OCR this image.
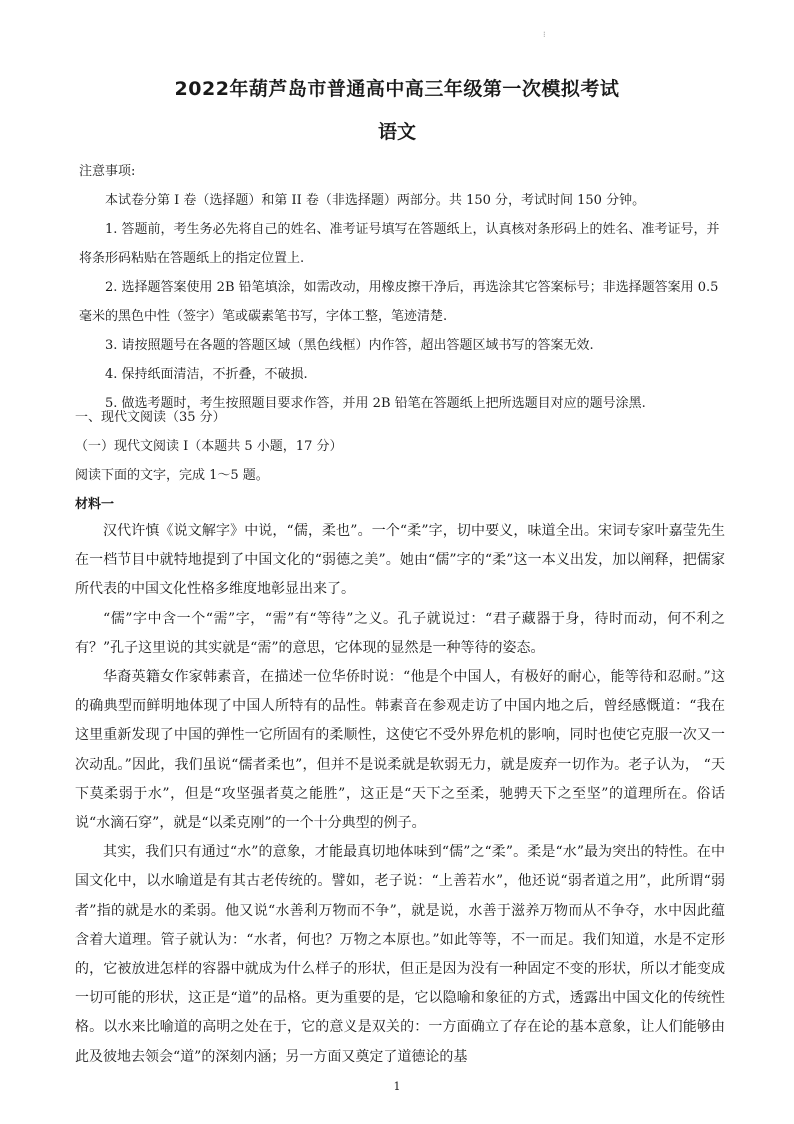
⁝
2022年葫芦岛市普通高中高三年级第一次模拟考试
语文

注意事项:

本试卷分第 I 卷（选择题）和第 II 卷（非选择题）两部分。共 150 分，考试时间 150 分钟。

1. 答题前，考生务必先将自己的姓名、准考证号填写在答题纸上，认真核对条形码上的姓名、准考证号，并将条形码粘贴在答题纸上的指定位置上.

2. 选择题答案使用 2B 铅笔填涂，如需改动，用橡皮擦干净后，再选涂其它答案标号；非选择题答案用 0.5 毫米的黑色中性（签字）笔或碳素笔书写，字体工整，笔迹清楚.

3. 请按照题号在各题的答题区域（黑色线框）内作答，超出答题区域书写的答案无效.

4. 保持纸面清洁，不折叠，不破损.

5. 做选考题时，考生按照题目要求作答，并用 2B 铅笔在答题纸上把所选题目对应的题号涂黑.

一、现代文阅读（35 分）

（一）现代文阅读 I（本题共 5 小题，17 分）

阅读下面的文字，完成 1～5 题。

材料一

汉代许慎《说文解字》中说，“儒，柔也”。一个“柔”字，切中要义，味道全出。宋词专家叶嘉莹先生在一档节目中就特地提到了中国文化的“弱德之美”。她由“儒”字的“柔”这一本义出发，加以阐释，把儒家所代表的中国文化性格多维度地彰显出来了。

“儒”字中含一个“需”字，“需”有“等待”之义。孔子就说过：“君子藏器于身，待时而动，何不利之有？”孔子这里说的其实就是“需”的意思，它体现的显然是一种等待的姿态。

华裔英籍女作家韩素音，在描述一位华侨时说：“他是个中国人，有极好的耐心，能等待和忍耐。”这的确典型而鲜明地体现了中国人所特有的品性。韩素音在参观走访了中国内地之后，曾经感慨道：“我在这里重新发现了中国的弹性一它所固有的柔顺性，这使它不受外界危机的影响，同时也使它克服一次又一次动乱。”因此，我们虽说“儒者柔也”，但并不是说柔就是软弱无力，就是废弃一切作为。老子认为， “天下莫柔弱于水”，但是“攻坚强者莫之能胜”，这正是“天下之至柔，驰骋天下之至坚”的道理所在。俗话说“水滴石穿”，就是“以柔克刚”的一个十分典型的例子。

其实，我们只有通过“水”的意象，才能最真切地体味到“儒”之“柔”。柔是“水”最为突出的特性。在中国文化中，以水喻道是有其古老传统的。譬如，老子说：“上善若水”，他还说“弱者道之用”，此所谓“弱者”指的就是水的柔弱。他又说“水善利万物而不争”，就是说，水善于滋养万物而从不争夺，水中因此蕴含着大道理。管子就认为：“水者，何也？万物之本原也。”如此等等，不一而足。我们知道，水是不定形的，它被放进怎样的容器中就成为什么样子的形状，但正是因为没有一种固定不变的形状，所以才能变成一切可能的形状，这正是“道”的品格。更为重要的是，它以隐喻和象征的方式，透露出中国文化的传统性格。以水来比喻道的高明之处在于，它的意义是双关的：一方面确立了存在论的基本意象，让人们能够由此及彼地去领会“道”的深刻内涵；另一方面又奠定了道德论的基

1
